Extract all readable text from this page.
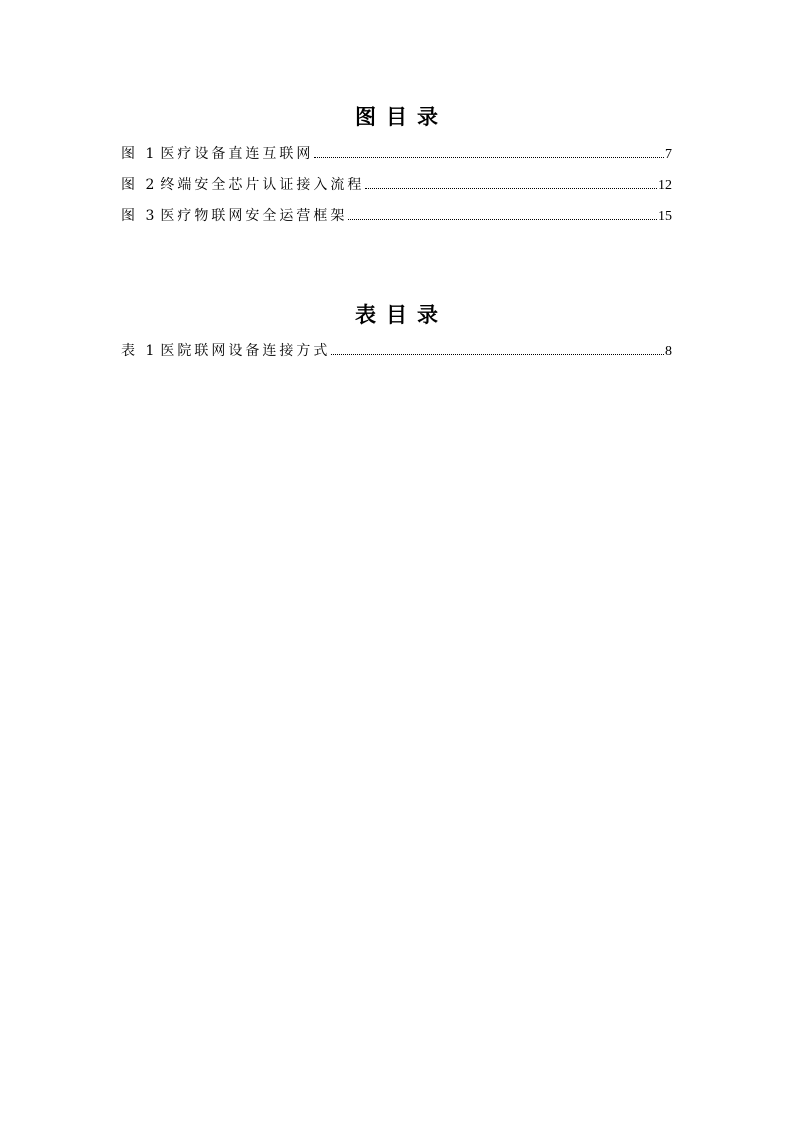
图目录
图 1 医疗设备直连互联网	7
图 2 终端安全芯片认证接入流程	12
图 3 医疗物联网安全运营框架	15
表目录
表 1 医院联网设备连接方式	8
